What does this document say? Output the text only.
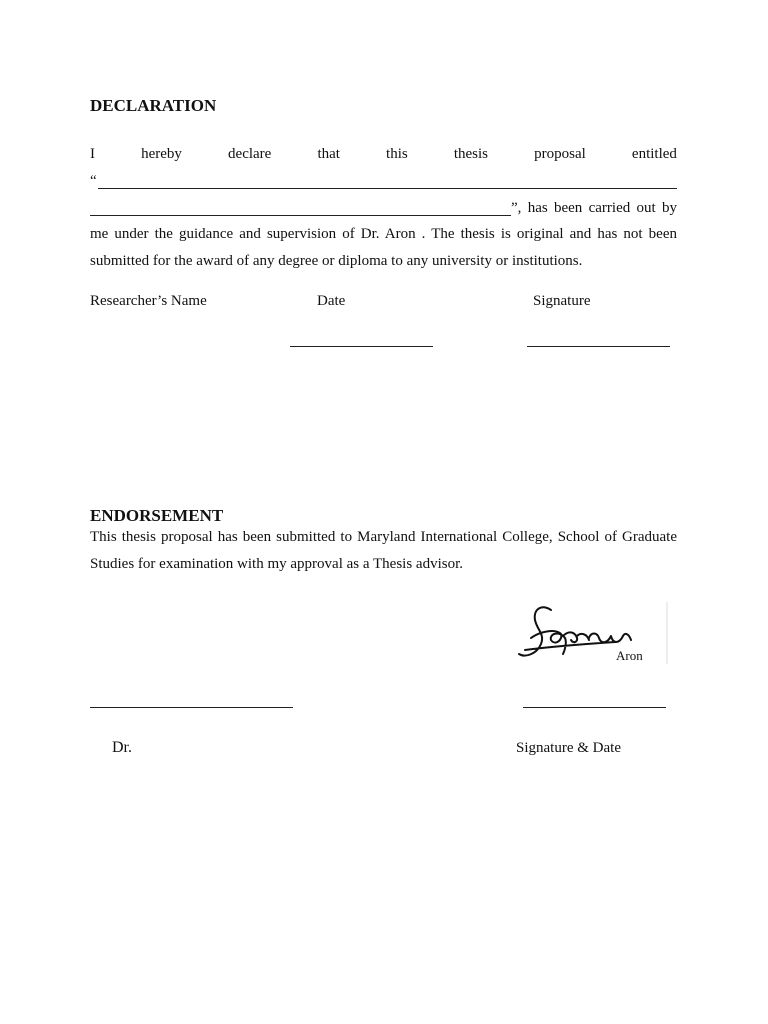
DECLARATION
I	hereby	declare	that	this	thesis	proposal	entitled
“
”, has been carried out by
me under the guidance and supervision of Dr. Aron . The thesis is original and has not been
submitted for the award of any degree or diploma to any university or institutions.
Researcher’s Name	Date	Signature
ENDORSEMENT
This thesis proposal has been submitted to Maryland International College, School of Graduate
Studies for examination with my approval as a Thesis advisor.
Aron
Dr.	Signature & Date
